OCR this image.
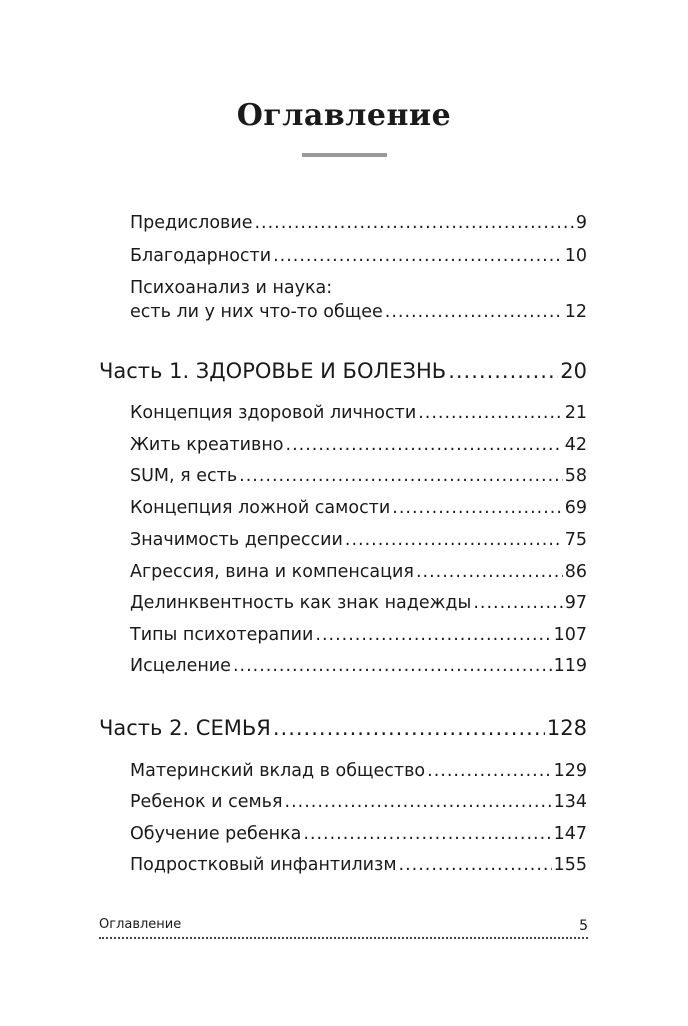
Оглавление
Предисловие .....	9
Благодарности .....	10
Психоанализ и наука:
есть ли у них что-то общее .....	12
Часть 1. ЗДОРОВЬЕ И БОЛЕЗНЬ .....	20
Концепция здоровой личности .....	21
Жить креативно .....	42
SUM, я есть .....	58
Концепция ложной самости .....	69
Значимость депрессии .....	75
Агрессия, вина и компенсация .....	86
Делинквентность как знак надежды .....	97
Типы психотерапии .....	107
Исцеление .....	119
Часть 2. СЕМЬЯ .....	128
Материнский вклад в общество .....	129
Ребенок и семья .....	134
Обучение ребенка .....	147
Подростковый инфантилизм .....	155
Оглавление	5
